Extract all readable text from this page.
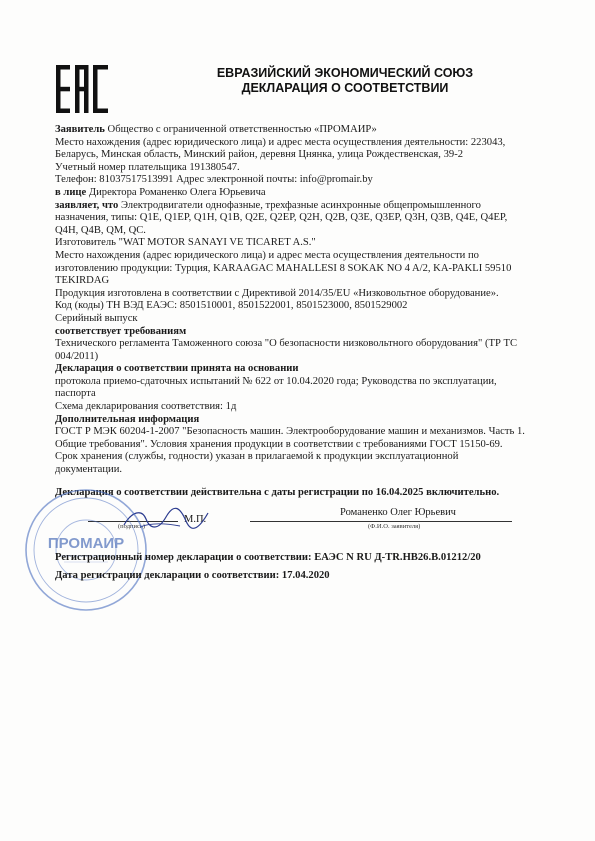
ЕВРАЗИЙСКИЙ ЭКОНОМИЧЕСКИЙ СОЮЗ
ДЕКЛАРАЦИЯ О СООТВЕТСТВИИ

Заявитель Общество с ограниченной ответственностью «ПРОМАИР»

Место нахождения (адрес юридического лица) и адрес места осуществления деятельности: 223043,

Беларусь, Минская область, Минский район, деревня Цнянка, улица Рождественская, 39-2

Учетный номер плательщика 191380547.

Телефон: 81037517513991 Адрес электронной почты: info@promair.by

в лице Директора Романенко Олега Юрьевича

заявляет, что Электродвигатели однофазные, трехфазные асинхронные общепромышленного

назначения, типы: Q1E, Q1EP, Q1H, Q1B, Q2E, Q2EP, Q2H, Q2B, Q3E, Q3EP, Q3H, Q3B, Q4E, Q4EP,

Q4H, Q4B, QM, QC.

Изготовитель "WAT MOTOR SANAYI VE TICARET A.S."

Место нахождения (адрес юридического лица) и адрес места осуществления деятельности по

изготовлению продукции: Турция, KARAAGAC MAHALLESI 8 SOKAK NO 4 A/2, KA-PAKLI 59510

TEKIRDAG

Продукция изготовлена в соответствии с Директивой 2014/35/EU «Низковольтное оборудование».

Код (коды) ТН ВЭД ЕАЭС: 8501510001, 8501522001, 8501523000, 8501529002

Серийный выпуск

соответствует требованиям

Технического регламента Таможенного союза "О безопасности низковольтного оборудования" (ТР ТС

004/2011)

Декларация о соответствии принята на основании

протокола приемо-сдаточных испытаний № 622 от 10.04.2020 года; Руководства по эксплуатации,

паспорта

Схема декларирования соответствия: 1д

Дополнительная информация

ГОСТ Р МЭК 60204-1-2007 "Безопасность машин. Электрооборудование машин и механизмов. Часть 1.

Общие требования". Условия хранения продукции в соответствии с требованиями ГОСТ 15150-69.

Срок хранения (службы, годности) указан в прилагаемой к продукции эксплуатационной

документации.

Декларация о соответствии действительна с даты регистрации по 16.04.2025 включительно.

(подпись)
М.П.
Романенко Олег Юрьевич
(Ф.И.О. заявителя)
ПРОМАИР
Регистрационный номер декларации о соответствии: ЕАЭС N RU Д-TR.НВ26.В.01212/20
Дата регистрации декларации о соответствии: 17.04.2020
